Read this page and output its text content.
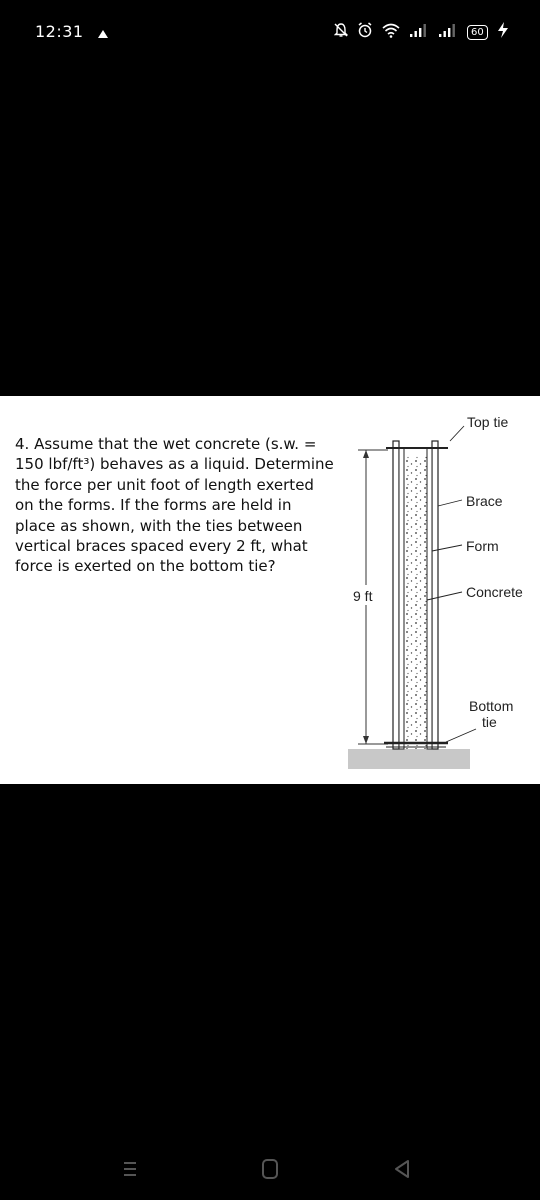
12:31	60

4. Assume that the wet concrete (s.w. = 150 lbf/ft³) behaves as a liquid. Determine the force per unit foot of length exerted on the forms. If the forms are held in place as shown, with the ties between vertical braces spaced every 2 ft, what force is exerted on the bottom tie?

9 ft
Top tie
Brace
Form
Concrete
Bottom
tie
